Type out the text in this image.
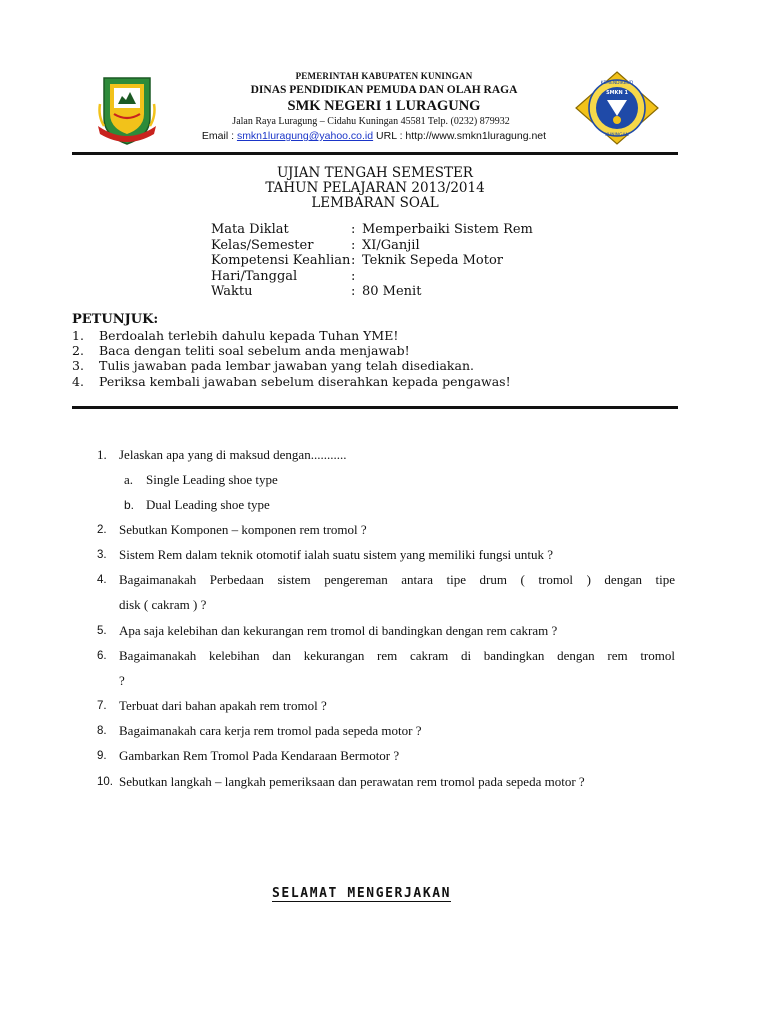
SMKN 1
KEMENDIKBUD
KUNINGAN
PEMERINTAH KABUPATEN KUNINGAN
DINAS PENDIDIKAN PEMUDA DAN OLAH RAGA
SMK NEGERI 1 LURAGUNG
Jalan Raya Luragung – Cidahu Kuningan 45581 Telp. (0232) 879932
Email : smkn1luragung@yahoo.co.id URL : http://www.smkn1luragung.net
UJIAN TENGAH SEMESTER
TAHUN PELAJARAN 2013/2014
LEMBARAN SOAL
Mata Diklat	: Memperbaiki Sistem Rem
Kelas/Semester	: XI/Ganjil
Kompetensi Keahlian: Teknik Sepeda Motor
Hari/Tanggal	:
Waktu	: 80 Menit
PETUNJUK:
1. Berdoalah terlebih dahulu kepada Tuhan YME!
2. Baca dengan teliti soal sebelum anda menjawab!
3. Tulis jawaban pada lembar jawaban yang telah disediakan.
4. Periksa kembali jawaban sebelum diserahkan kepada pengawas!
1. Jelaskan apa yang di maksud dengan...........
a. Single Leading shoe type
b. Dual Leading shoe type
2. Sebutkan Komponen – komponen rem tromol ?
3. Sistem Rem dalam teknik otomotif ialah suatu sistem yang memiliki fungsi untuk ?
4. Bagaimanakah Perbedaan sistem pengereman antara tipe drum ( tromol ) dengan tipe
disk ( cakram ) ?
5. Apa saja kelebihan dan kekurangan rem tromol di bandingkan dengan rem cakram ?
6. Bagaimanakah kelebihan dan kekurangan rem cakram di bandingkan dengan rem tromol
?
7. Terbuat dari bahan apakah rem tromol ?
8. Bagaimanakah cara kerja rem tromol pada sepeda motor ?
9. Gambarkan Rem Tromol Pada Kendaraan Bermotor ?
10. Sebutkan langkah – langkah pemeriksaan dan perawatan rem tromol pada sepeda motor ?
SELAMAT MENGERJAKAN
